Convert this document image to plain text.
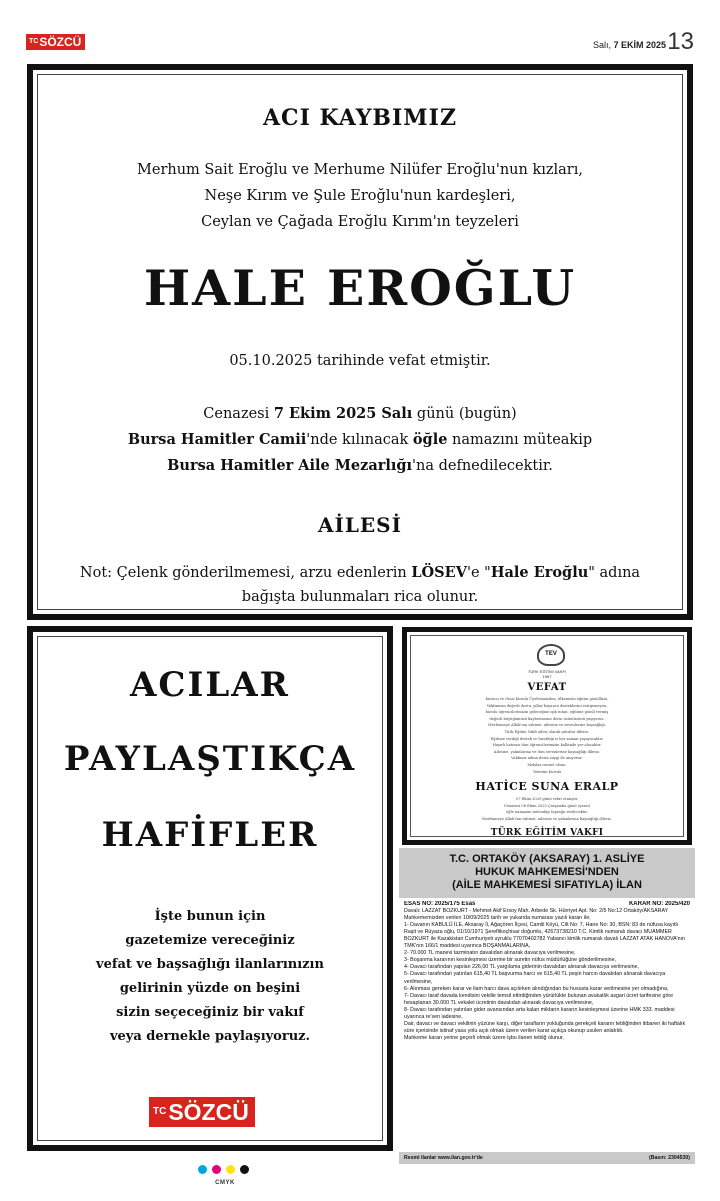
$^{TC}$SÖZCÜ	Salı, 7 EKİM 2025 13
ACI KAYBIMIZ
Merhum Sait Eroğlu ve Merhume Nilüfer Eroğlu'nun kızları,
Neşe Kırım ve Şule Eroğlu'nun kardeşleri,
Ceylan ve Çağada Eroğlu Kırım'ın teyzeleri
HALE EROĞLU
05.10.2025 tarihinde vefat etmiştir.
Cenazesi 7 Ekim 2025 Salı günü (bugün)
Bursa Hamitler Camii'nde kılınacak öğle namazını müteakip
Bursa Hamitler Aile Mezarlığı'na defnedilecektir.
AİLESİ
Not: Çelenk gönderilmemesi, arzu edenlerin LÖSEV'e "Hale Eroğlu" adına
bağışta bulunmaları rica olunur.
ACILAR
PAYLAŞTIKÇA
HAFİFLER
İşte bunun için
gazetemize vereceğiniz
vefat ve başsağlığı ilanlarınızın
gelirinin yüzde on beşini
sizin seçeceğiniz bir vakıf
veya dernekle paylaşıyoruz.
$^{TC}$SÖZCÜ
TEV
TÜRK EĞİTİM VAKFI
1967
VEFAT
Kurucu ve Onur Kurulu Üyelerimizden, ülkemizin eğitim gönüllüsü,
Vakfımızın değerli dostu, yıllar boyunca desteklerini esirgemeyen,
burslu öğrencilerimizin geleceğine ışık tutan, eğitime gönül vermiş
değerli büyüğümüzü kaybetmenin derin üzüntüsünü yaşıyoruz.
Merhumeye Allah'tan rahmet, ailesine ve sevenlerine başsağlığı,
Türk Eğitim Vakfı ailesi olarak sabırlar dileriz.
Eğitime verdiği destek ve bıraktığı iz her zaman yaşayacaktır.
Hayırlı hatırası tüm öğrencilerimizin kalbinde yer alacaktır.
Ailesine, yakınlarına ve tüm sevenlerine başsağlığı dileriz.
Vakfımız adına derin saygı ile anıyoruz.
Mekânı cennet olsun.
Yönetim Kurulu
HATİCE SUNA ERALP
07 Ekim 2025 günü vefat etmiştir.
Cenazesi 08 Ekim 2025 Çarşamba günü (yarın)
öğle namazını müteakip toprağa verilecektir.
Merhumeye Allah'tan rahmet, ailesine ve yakınlarına başsağlığı dileriz.
TÜRK EĞİTİM VAKFI
T.C. ORTAKÖY (AKSARAY) 1. ASLİYE
HUKUK MAHKEMESİ'NDEN
(AİLE MAHKEMESİ SIFATIYLA) İLAN
ESAS NO: 2025/175 Esas	KARAR NO: 2025/420

Davalı: LAZZAT BOZKURT - Mehmet Akif Ersoy Mah. Arbede Sk. Hürriyet Apt. No: 2/5 No:12 Ortaköy/AKSARAY

Mahkememizden verilen 10/09/2025 tarih ve yukarıda numarası yazılı kararı ile;

1- Davanın KABULÜ İLE, Aksaray İl, Ağaçören İlçesi, Camili Köyü, Cilt No: 7, Hane No: 30, BSN: 83 de nüfusa kayıtlı Raşit ve Rüyaza oğlu, 01/10/1971 Şereflikoçhisar doğumlu, 42673738210 T.C. Kimlik numaralı davacı MUAMMER BOZKURT ile Kazakistan Cumhuriyeti uyruklu 77070402782 Yabancı kimlik numaralı davalı LAZZAT ATAK HANOVA'nın TMK'nın 166/1 maddesi uyarınca BOŞANMALARINA,

2- 70.000 TL manevi tazminatın davalıdan alınarak davacıya verilmesine,

3- Boşanma kararının kesinleşmesi üzerine bir suretin nüfus müdürlüğüne gönderilmesine,

4- Davacı tarafından yapılan 226,00 TL yargılama giderinin davalıdan alınarak davacıya verilmesine,

5- Davacı tarafından yatırılan 615,40 TL başvurma harcı ve 615,40 TL peşin harcın davalıdan alınarak davacıya verilmesine,

6- Alınması gereken karar ve ilam harcı dava açılırken alındığından bu hususta karar verilmesine yer olmadığına,

7- Davacı taraf davada kendisini vekille temsil ettirdiğinden yürürlükte bulunan avukatlık asgari ücret tarifesine göre hesaplanan 30.000 TL vekalet ücretinin davalıdan alınarak davacıya verilmesine,

8- Davacı tarafından yatırılan gider avansından arta kalan miktarın kararın kesinleşmesi üzerine HMK 333. maddesi uyarınca re'sen iadesine,

Dair, davacı ve davacı vekilinin yüzüne karşı, diğer tarafların yokluğunda gerekçeli kararın tebliğinden itibaren iki haftalık süre içerisinde istinaf yasa yolu açık olmak üzere verilen karar açıkça okunup usulen anlatıldı.

Mahkeme kararı yerine geçerli olmak üzere işbu ilanen tebliğ olunur.

Resmi ilanlar www.ilan.gov.tr'de	(Basın: 2304530)
CMYK
